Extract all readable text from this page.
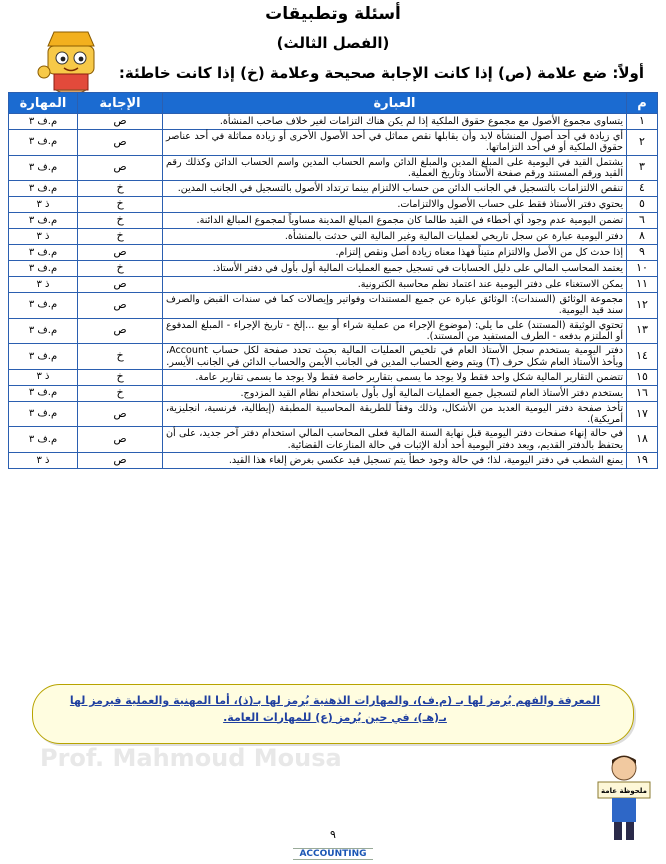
أسئلة وتطبيقات
(الفصل الثالث)
أولاً: ضع علامة (ص) إذا كانت الإجابة صحيحة وعلامة (خ) إذا كانت خاطئة:
م	العبارة	الإجابة	المهارة
١	يتساوى مجموع الأصول مع مجموع حقوق الملكية إذا لم يكن هناك التزامات لغير خلاف صاحب المنشأة.	ص	م.ف ٣
٢	أي زيادة في أحد أصول المنشأة لابد وأن يقابلها نقص مماثل في أحد الأصول الأخرى أو زيادة مماثلة في أحد عناصر حقوق الملكية أو في أحد التزاماتها.	ص	م.ف ٣
٣	يشتمل القيد في اليومية على المبلغ المدين والمبلغ الدائن واسم الحساب المدين واسم الحساب الدائن وكذلك رقم القيد ورقم المستند ورقم صفحة الأستاذ وتاريخ العملية.	ص	م.ف ٣
٤	تنقص الالتزامات بالتسجيل في الجانب الدائن من حساب الالتزام بينما ترتداد الأصول بالتسجيل في الجانب المدين.	خ	م.ف ٣
٥	يحتوي دفتر الأستاذ فقط على حساب الأصول والالتزامات.	خ	ذ ٣
٦	تضمن اليومية عدم وجود أي أخطاء في القيد طالما كان مجموع المبالغ المدينة مساوياً لمجموع المبالغ الدائنة.	خ	م.ف ٣
٨	دفتر اليومية عبارة عن سجل تاريخي لعمليات المالية وغير المالية التي حدثت بالمنشأة.	خ	ذ ٣
٩	إذا حدث كل من الأصل والالتزام متيناً فهذا معناه زيادة أصل ونقص إلتزام.	ص	م.ف ٣
١٠	يعتمد المحاسب المالي على دليل الحسابات في تسجيل جميع العمليات المالية أول بأول في دفتر الأستاذ.	خ	م.ف ٣
١١	يمكن الاستغناء على دفتر اليومية عند اعتماد نظم محاسبة الكترونية.	ص	ذ ٣
١٢	مجموعة الوثائق (السندات): الوثائق عبارة عن جميع المستندات وفواتير وإيصالات كما في سندات القبض والصرف سند قيد اليومية.	ص	م.ف ٣
١٣	تحتوي الوثيقة (المستند) على ما يلي: (موضوع الإجراء من عملية شراء أو بيع ...إلخ - تاريخ الإجراء - المبلغ المدفوع أو الملتزم بدفعه - الطرف المستفيد من المستند).	ص	م.ف ٣
١٤	دفتر اليومية يستخدم سجل الأستاذ العام في تلخيص العمليات المالية بحيث تحدد صفحة لكل حساب Account، ويأخذ الأستاذ العام شكل حرف (T) ويتم وضع الحساب المدين في الجانب الأيمن والحساب الدائن في الجانب الأيسر.	خ	م.ف ٣
١٥	تتضمن التقارير المالية شكل واحد فقط ولا يوجد ما يسمى بتقارير خاصة فقط ولا يوجد ما يسمى تقارير عامة.	خ	ذ ٣
١٦	يستخدم دفتر الأستاذ العام لتسجيل جميع العمليات المالية أول بأول باستخدام نظام القيد المزدوج.	خ	م.ف ٣
١٧	تأخذ صفحة دفتر اليومية العديد من الأشكال، وذلك وفقاً للطريقة المحاسبية المطبقة (إيطالية، فرنسية، انجليزية، أمريكية).	ص	م.ف ٣
١٨	في حالة إنهاء صفحات دفتر اليومية قبل نهاية السنة المالية فعلى المحاسب المالي استخدام دفتر آخر جديد، على أن يحتفظ بالدفتر القديم، ويعد دفتر اليومية أحد أدلة الإثبات في حالة المنازعات القضائية.	ص	م.ف ٣
١٩	يمنع الشطب في دفتر اليومية، لذا؛ في حالة وجود خطأ يتم تسجيل قيد عكسي بغرض إلغاء هذا القيد.	ص	ذ ٣
المعرفة والفهم يُرمز لها بـ (م.ف)، والمهارات الذهنية يُرمز لها بـ(ذ)، أما المهنية والعملية فيرمز لها بـ(هـ)، في حين يُرمز (ع) للمهارات العامة.
Prof. Mahmoud Mousa
ملحوظة عامة
٩
ACCOUNTING
